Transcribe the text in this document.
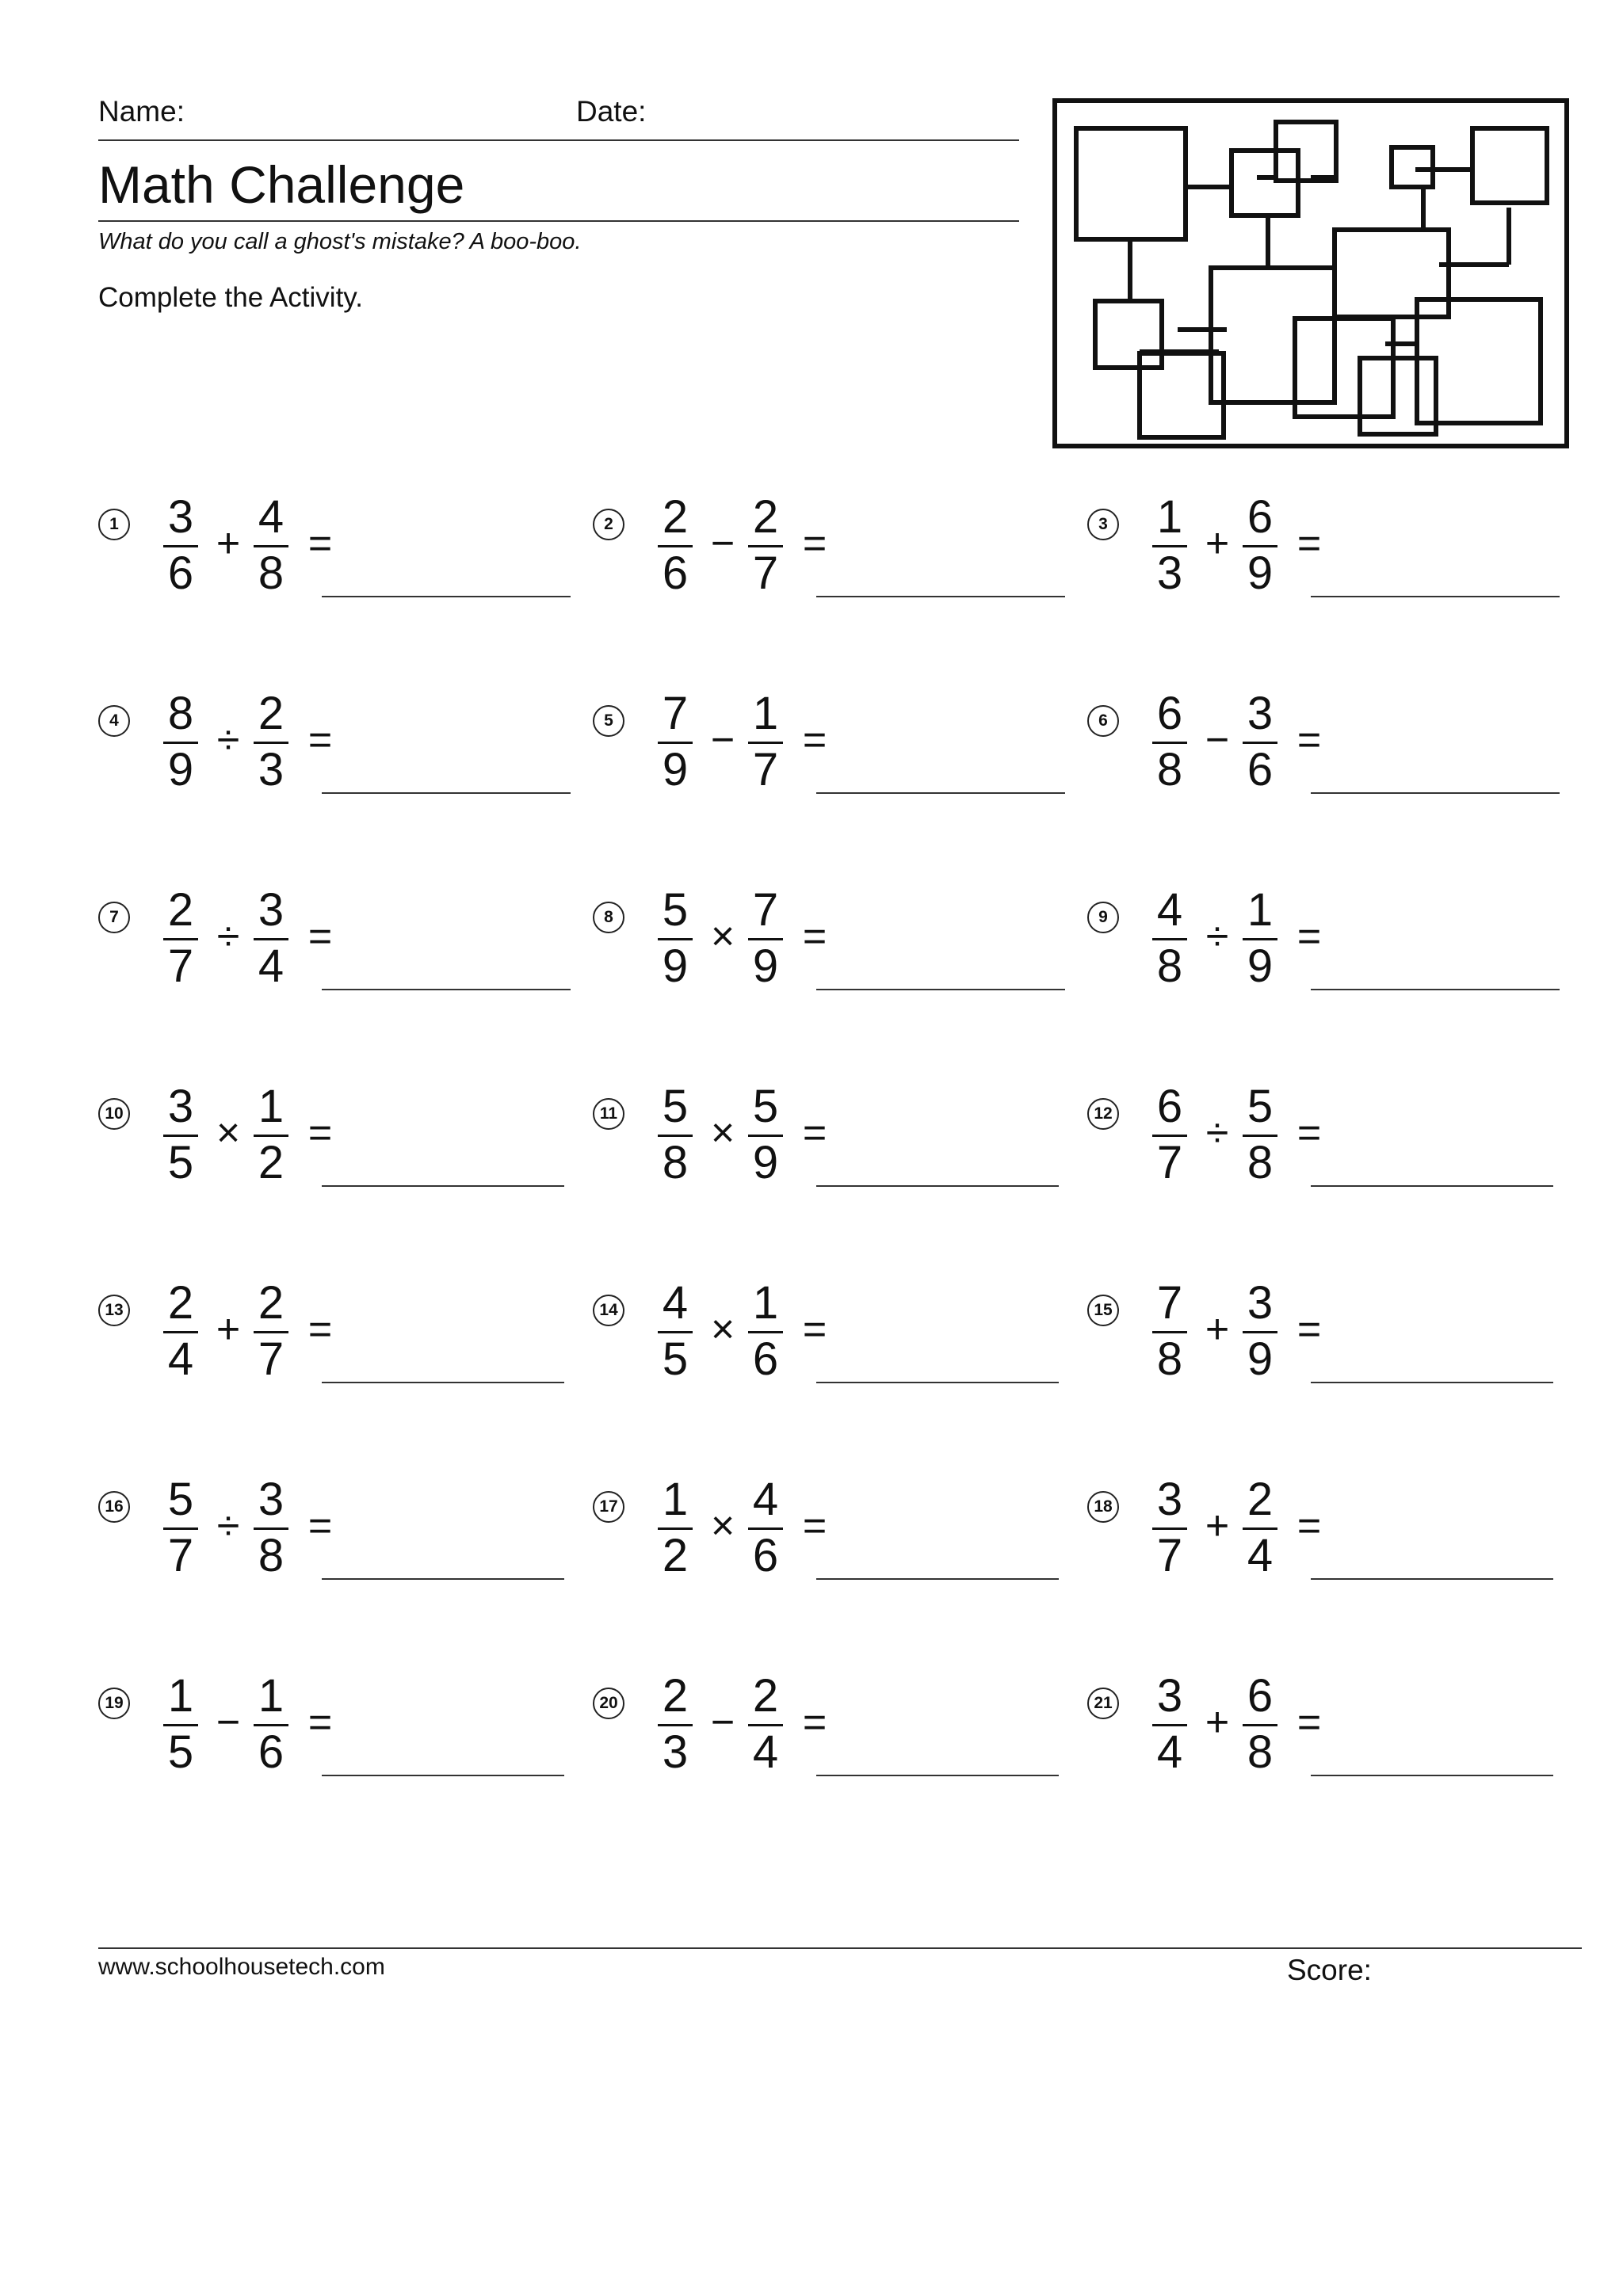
Name:	Date:
Math Challenge
What do you call a ghost's mistake? A boo-boo.
Complete the Activity.
1 3
6
+
4
8
=	2 2
6
−
2
7
=	3 1
3
+
6
9
=
4 8
9
÷
2
3
=	5 7
9
−
1
7
=	6 6
8
−
3
6
=
7 2
7
÷
3
4
=	8 5
9
×
7
9
=	9 4
8
÷
1
9
=
10 3
5
×
1
2
=	11 5
8
×
5
9
=	12 6
7
÷
5
8
=
13 2
4
+
2
7
=	14 4
5
×
1
6
=	15 7
8
+
3
9
=
16 5
7
÷
3
8
=	17 1
2
×
4
6
=	18 3
7
+
2
4
=
19 1
5
−
1
6
=	20 2
3
−
2
4
=	21 3
4
+
6
8
=
www.schoolhousetech.com	Score:
